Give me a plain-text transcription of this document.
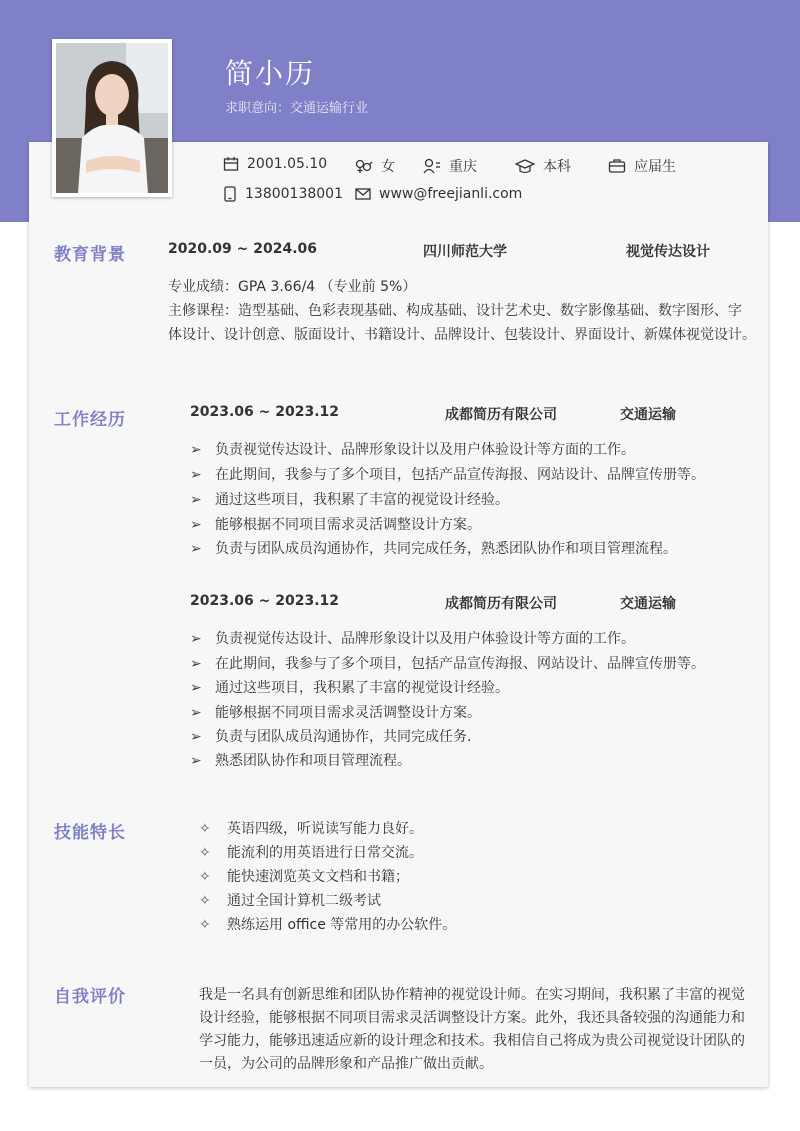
简小历
求职意向：交通运输行业
2001.05.10	女	重庆	本科	应届生
13800138001	www@freejianli.com
教育背景	2020.09 ~ 2024.06	四川师范大学	视觉传达设计
专业成绩：GPA 3.66/4 （专业前 5%）
主修课程：造型基础、色彩表现基础、构成基础、设计艺术史、数字影像基础、数字图形、字
体设计、设计创意、版面设计、书籍设计、品牌设计、包装设计、界面设计、新媒体视觉设计。
工作经历	2023.06 ~ 2023.12	成都简历有限公司	交通运输
➢ 负责视觉传达设计、品牌形象设计以及用户体验设计等方面的工作。
➢ 在此期间，我参与了多个项目，包括产品宣传海报、网站设计、品牌宣传册等。
➢ 通过这些项目，我积累了丰富的视觉设计经验。
➢ 能够根据不同项目需求灵活调整设计方案。
➢ 负责与团队成员沟通协作，共同完成任务，熟悉团队协作和项目管理流程。
2023.06 ~ 2023.12	成都简历有限公司	交通运输
➢ 负责视觉传达设计、品牌形象设计以及用户体验设计等方面的工作。
➢ 在此期间，我参与了多个项目，包括产品宣传海报、网站设计、品牌宣传册等。
➢ 通过这些项目，我积累了丰富的视觉设计经验。
➢ 能够根据不同项目需求灵活调整设计方案。
➢ 负责与团队成员沟通协作，共同完成任务.
➢ 熟悉团队协作和项目管理流程。
技能特长	✧ 英语四级，听说读写能力良好。
✧ 能流利的用英语进行日常交流。
✧ 能快速浏览英文文档和书籍；
✧ 通过全国计算机二级考试
✧ 熟练运用 office 等常用的办公软件。
自我评价	我是一名具有创新思维和团队协作精神的视觉设计师。在实习期间，我积累了丰富的视觉
设计经验，能够根据不同项目需求灵活调整设计方案。此外，我还具备较强的沟通能力和
学习能力，能够迅速适应新的设计理念和技术。我相信自己将成为贵公司视觉设计团队的
一员，为公司的品牌形象和产品推广做出贡献。
